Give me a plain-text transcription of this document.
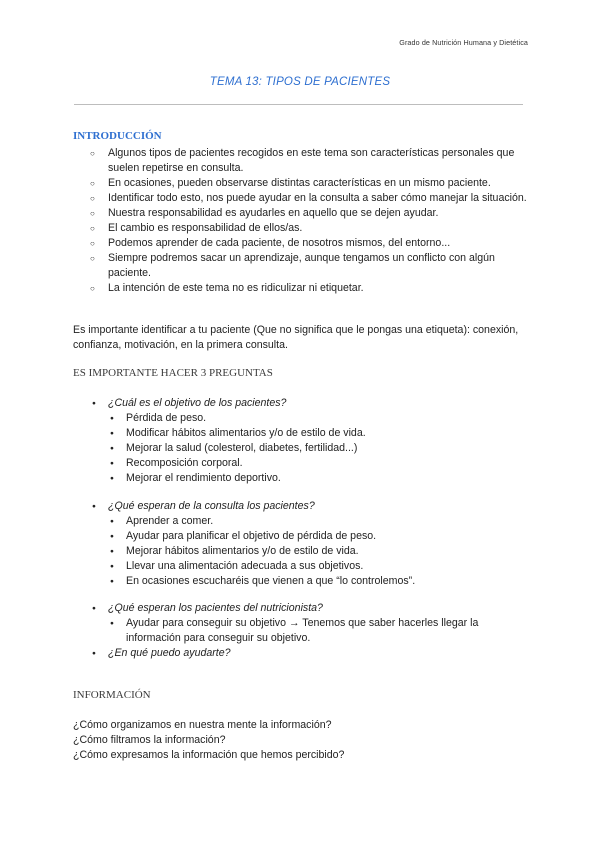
Grado de Nutrición Humana y Dietética
TEMA 13: TIPOS DE PACIENTES
INTRODUCCIÓN
○ Algunos tipos de pacientes recogidos en este tema son características personales que suelen repetirse en consulta.
○ En ocasiones, pueden observarse distintas características en un mismo paciente.
○ Identificar todo esto, nos puede ayudar en la consulta a saber cómo manejar la situación.
○ Nuestra responsabilidad es ayudarles en aquello que se dejen ayudar.
○ El cambio es responsabilidad de ellos/as.
○ Podemos aprender de cada paciente, de nosotros mismos, del entorno...
○ Siempre podremos sacar un aprendizaje, aunque tengamos un conflicto con algún paciente.
○ La intención de este tema no es ridiculizar ni etiquetar.
Es importante identificar a tu paciente (Que no significa que le pongas una etiqueta): conexión, confianza, motivación, en la primera consulta.
ES IMPORTANTE HACER 3 PREGUNTAS
● ¿Cuál es el objetivo de los pacientes?
● Pérdida de peso.
● Modificar hábitos alimentarios y/o de estilo de vida.
● Mejorar la salud (colesterol, diabetes, fertilidad...)
● Recomposición corporal.
● Mejorar el rendimiento deportivo.
● ¿Qué esperan de la consulta los pacientes?
● Aprender a comer.
● Ayudar para planificar el objetivo de pérdida de peso.
● Mejorar hábitos alimentarios y/o de estilo de vida.
● Llevar una alimentación adecuada a sus objetivos.
● En ocasiones escucharéis que vienen a que “lo controlemos”.
● ¿Qué esperan los pacientes del nutricionista?
● Ayudar para conseguir su objetivo → Tenemos que saber hacerles llegar la información para conseguir su objetivo.
● ¿En qué puedo ayudarte?
INFORMACIÓN
¿Cómo organizamos en nuestra mente la información?
¿Cómo filtramos la información?
¿Cómo expresamos la información que hemos percibido?
